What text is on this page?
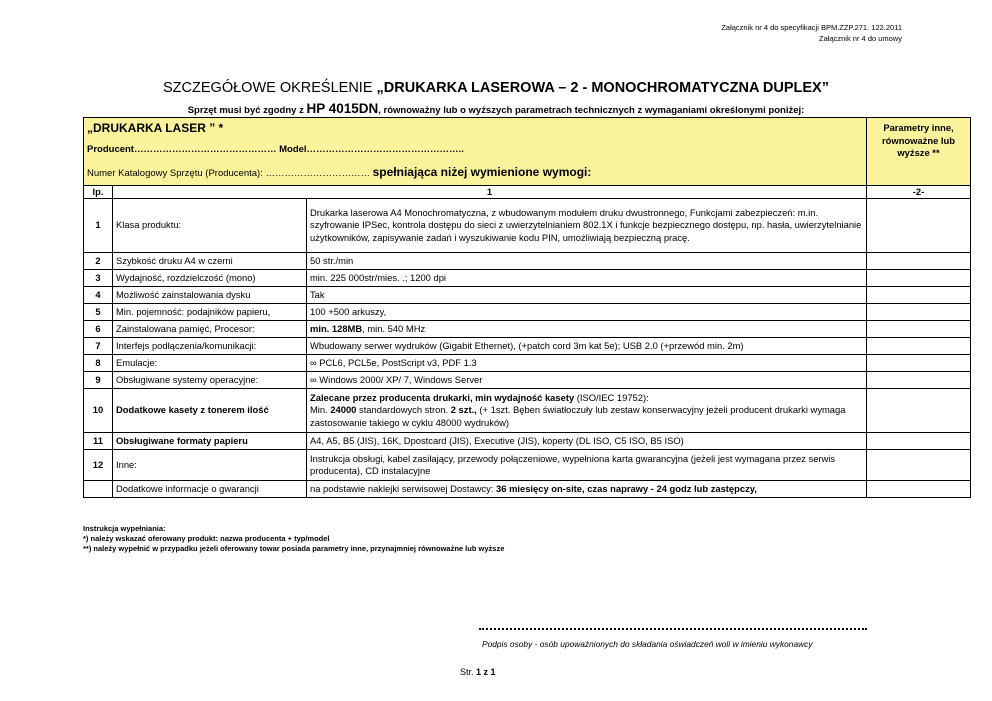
Załącznik nr 4 do specyfikacji BPM.ZZP.271. 122.2011
Załącznik nr 4 do umowy
SZCZEGÓŁOWE OKREŚLENIE „DRUKARKA LASEROWA – 2 - MONOCHROMATYCZNA DUPLEX”
Sprzęt musi być zgodny z HP 4015DN, równoważny lub o wyższych parametrach technicznych z wymaganiami określonymi poniżej:
„DRUKARKA LASER ” *
Producent……………………………………… Model…………………………………………..
Numer Katalogowy Sprzętu (Producenta): …………………………… spełniająca niżej wymienione wymogi:			Parametry inne, równoważne lub wyższe **
lp.	1		-2-
1	Klasa produktu:	Drukarka laserowa A4 Monochromatyczna, z wbudowanym modułem druku dwustronnego, Funkcjami zabezpieczeń: m.in. szyfrowanie IPSec, kontrola dostępu do sieci z uwierzytelnianiem 802.1X i funkcje bezpiecznego dostępu, np. hasła, uwierzytelnianie użytkowników, zapisywanie zadań i wyszukiwanie kodu PIN, umożliwiają bezpieczną pracę.	
2	Szybkość druku A4 w czerni	50 str./min	
3	Wydajność, rozdzielczość (mono)	min. 225 000str/mies. .; 1200 dpi	
4	Możliwość zainstalowania dysku	Tak	
5	Min. pojemność: podajników papieru,	100 +500 arkuszy,	
6	Zainstalowana pamięć, Procesor:	min. 128MB, min. 540 MHz	
7	Interfejs podłączenia/komunikacji:	Wbudowany serwer wydruków (Gigabit Ethernet), (+patch cord 3m kat 5e); USB 2.0 (+przewód min. 2m)	
8	Emulacje:	∞ PCL6, PCL5e, PostScript v3, PDF 1.3	
9	Obsługiwane systemy operacyjne:	∞ Windows 2000/ XP/ 7, Windows Server	
10	Dodatkowe kasety z tonerem ilość	Zalecane przez producenta drukarki, min wydajność kasety (ISO/IEC 19752):
Min. 24000 standardowych stron. 2 szt., (+ 1szt. Bęben światłoczuły lub zestaw konserwacyjny jeżeli producent drukarki wymaga zastosowanie takiego w cyklu 48000 wydruków)	
11	Obsługiwane formaty papieru	A4, A5, B5 (JIS), 16K, Dpostcard (JIS), Executive (JIS), koperty (DL ISO, C5 ISO, B5 ISO)	
12	Inne:	Instrukcja obsługi, kabel zasilający, przewody połączeniowe, wypełniona karta gwarancyjna (jeżeli jest wymagana przez serwis producenta), CD instalacyjne	
	Dodatkowe informacje o gwarancji	na podstawie naklejki serwisowej Dostawcy: 36 miesięcy on-site, czas naprawy - 24 godz lub zastępczy,	
Instrukcja wypełniania:
*) należy wskazać oferowany produkt: nazwa producenta + typ/model
**) należy wypełnić w przypadku jeżeli oferowany towar posiada parametry inne, przynajmniej równoważne lub wyższe
Podpis osoby - osób upoważnionych do składania oświadczeń woli w imieniu wykonawcy
Str. 1 z 1
